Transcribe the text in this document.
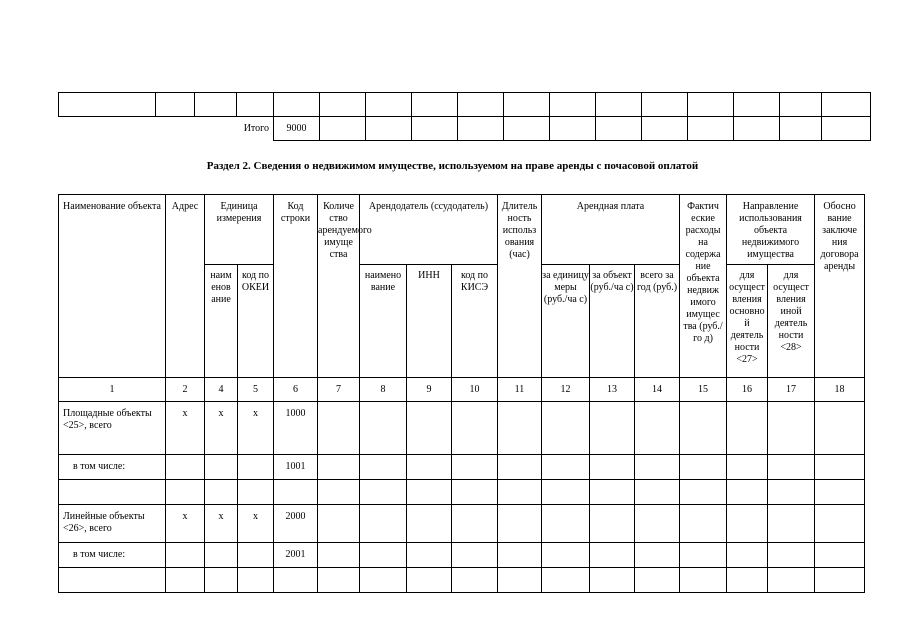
Итого				9000												
Раздел 2. Сведения о недвижимом имуществе, используемом на праве аренды с почасовой оплатой
Наименование объекта	Адрес	Единица измерения		Код строки	Количе ство арендуемого имуще ства	Арендодатель (ссудодатель)			Длитель ность использ ования (час)	Арендная плата			Фактич еские расходы на содержа ние объекта недвиж имого имущес тва (руб./го д)	Направление использования объекта недвижимого имущества		Обосно вание заключе ния договора аренды
		наим енов ание	код по ОКЕИ			наимено вание	ИНН	код по КИСЭ		за единицу меры (руб./ча с)	за объект (руб./ча с)	всего за год (руб.)		для осущест вления основно й деятель ности <27>	для осущест вления иной деятель ности <28>	
1	2	4	5	6	7	8	9	10	11	12	13	14	15	16	17	18
Площадные объекты <25>, всего	х	х	х	1000												
в том числе:				1001												

Линейные объекты <26>, всего	х	х	х	2000												
в том числе:				2001												
